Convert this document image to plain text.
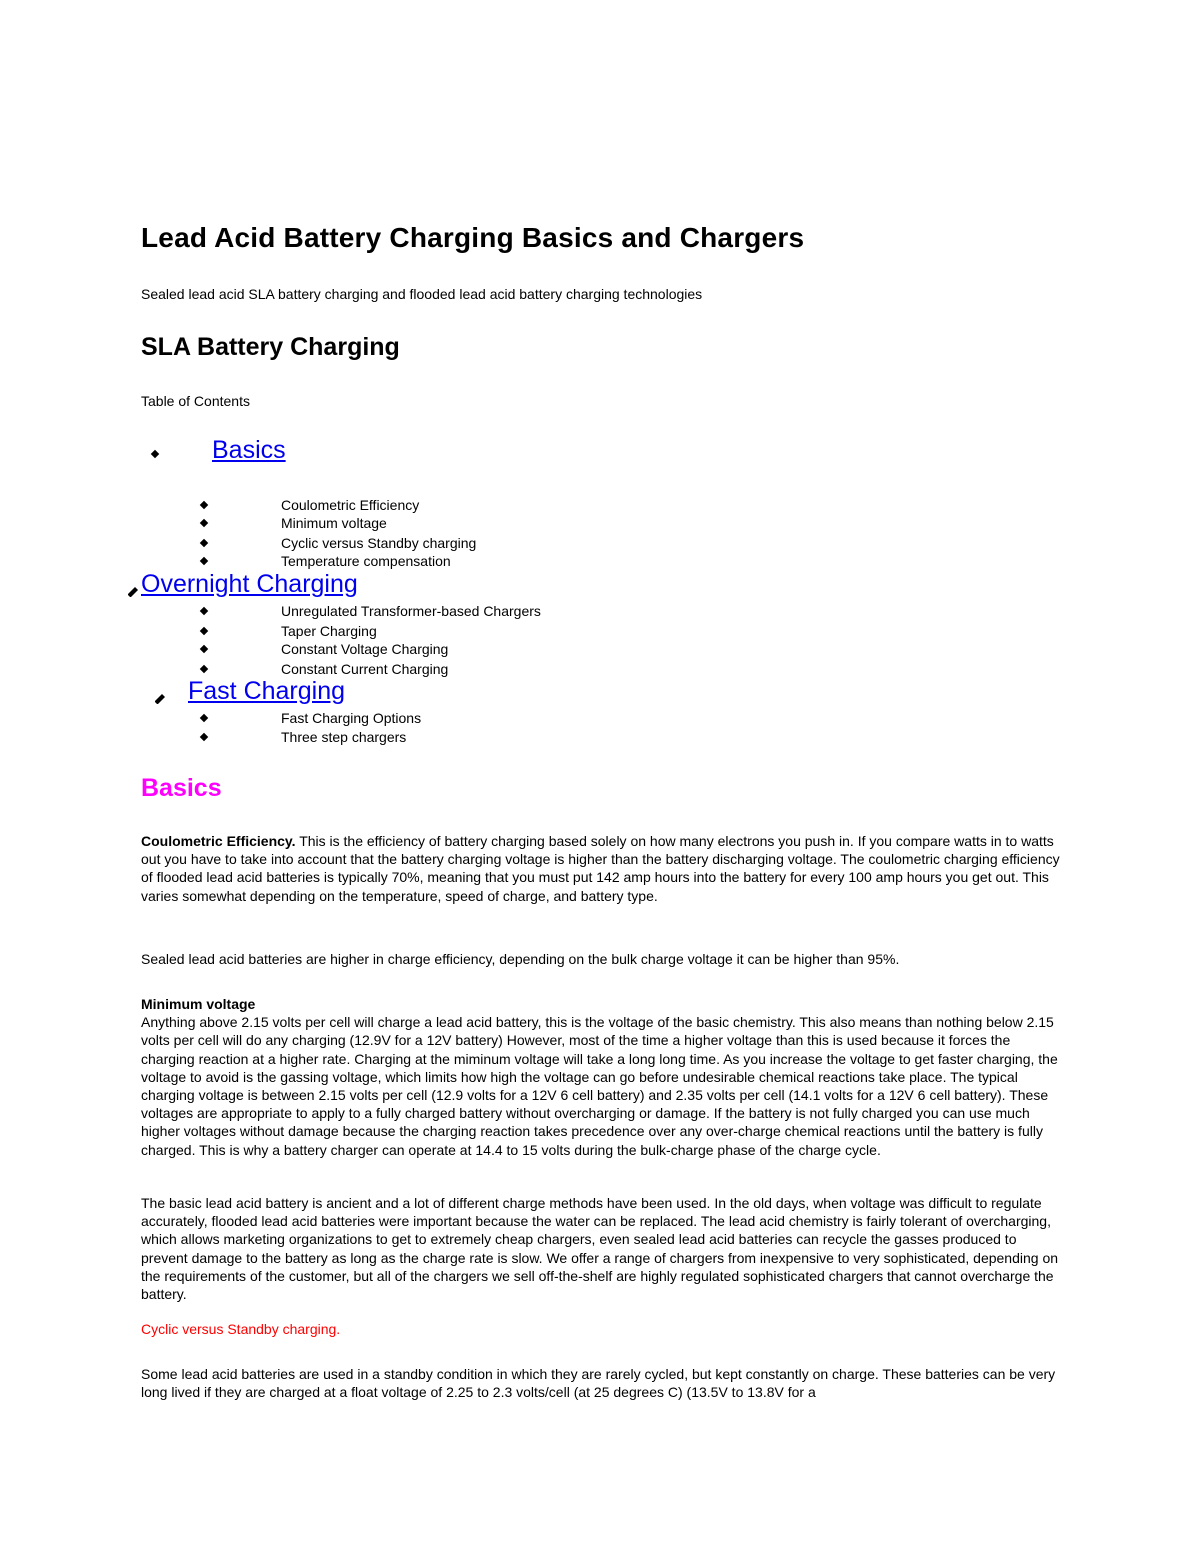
Lead Acid Battery Charging Basics and Chargers
Sealed lead acid SLA battery charging and flooded lead acid battery charging technologies
SLA Battery Charging
Table of Contents
Basics
Coulometric Efficiency
Minimum voltage
Cyclic versus Standby charging
Temperature compensation
Overnight Charging
Unregulated Transformer-based Chargers
Taper Charging
Constant Voltage Charging
Constant Current Charging
Fast Charging
Fast Charging Options
Three step chargers
Basics

Coulometric Efficiency. This is the efficiency of battery charging based solely on how many electrons you push in. If you compare watts in to watts out you have to take into account that the battery charging voltage is higher than the battery discharging voltage. The coulometric charging efficiency of flooded lead acid batteries is typically 70%, meaning that you must put 142 amp hours into the battery for every 100 amp hours you get out. This varies somewhat depending on the temperature, speed of charge, and battery type.

Sealed lead acid batteries are higher in charge efficiency, depending on the bulk charge voltage it can be higher than 95%.

Minimum voltage
Anything above 2.15 volts per cell will charge a lead acid battery, this is the voltage of the basic chemistry. This also means than nothing below 2.15 volts per cell will do any charging (12.9V for a 12V battery) However, most of the time a higher voltage than this is used because it forces the charging reaction at a higher rate. Charging at the miminum voltage will take a long long time. As you increase the voltage to get faster charging, the voltage to avoid is the gassing voltage, which limits how high the voltage can go before undesirable chemical reactions take place. The typical charging voltage is between 2.15 volts per cell (12.9 volts for a 12V 6 cell battery) and 2.35 volts per cell (14.1 volts for a 12V 6 cell battery). These voltages are appropriate to apply to a fully charged battery without overcharging or damage. If the battery is not fully charged you can use much higher voltages without damage because the charging reaction takes precedence over any over-charge chemical reactions until the battery is fully charged. This is why a battery charger can operate at 14.4 to 15 volts during the bulk-charge phase of the charge cycle.

The basic lead acid battery is ancient and a lot of different charge methods have been used. In the old days, when voltage was difficult to regulate accurately, flooded lead acid batteries were important because the water can be replaced. The lead acid chemistry is fairly tolerant of overcharging, which allows marketing organizations to get to extremely cheap chargers, even sealed lead acid batteries can recycle the gasses produced to prevent damage to the battery as long as the charge rate is slow. We offer a range of chargers from inexpensive to very sophisticated, depending on the requirements of the customer, but all of the chargers we sell off-the-shelf are highly regulated sophisticated chargers that cannot overcharge the battery.

Cyclic versus Standby charging.

Some lead acid batteries are used in a standby condition in which they are rarely cycled, but kept constantly on charge. These batteries can be very long lived if they are charged at a float voltage of 2.25 to 2.3 volts/cell (at 25 degrees C) (13.5V to 13.8V for a
